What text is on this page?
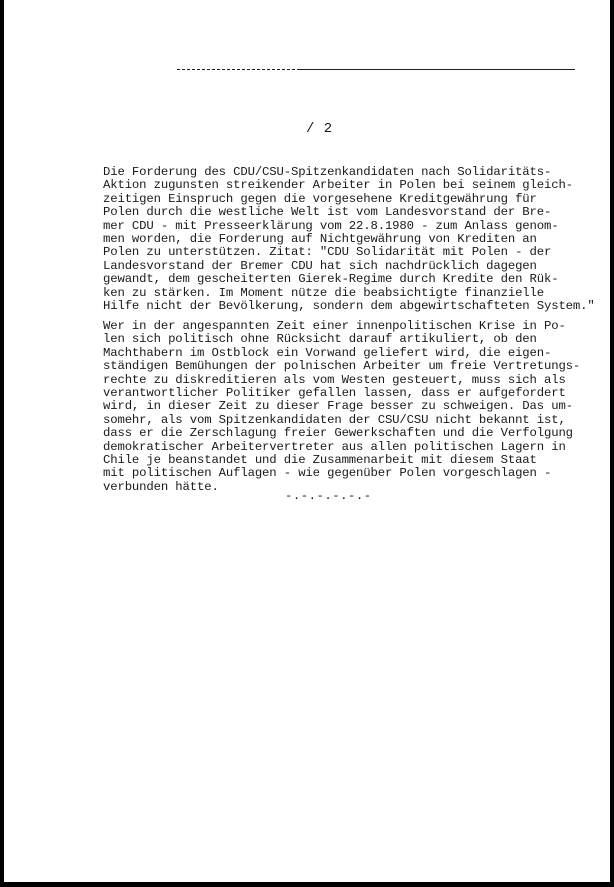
/ 2
Die Forderung des CDU/CSU-Spitzenkandidaten nach Solidaritäts-
Aktion zugunsten streikender Arbeiter in Polen bei seinem gleich-
zeitigen Einspruch gegen die vorgesehene Kreditgewährung für
Polen durch die westliche Welt ist vom Landesvorstand der Bre-
mer CDU - mit Presseerklärung vom 22.8.1980 - zum Anlass genom-
men worden, die Forderung auf Nichtgewährung von Krediten an
Polen zu unterstützen. Zitat: "CDU Solidarität mit Polen - der
Landesvorstand der Bremer CDU hat sich nachdrücklich dagegen
gewandt, dem gescheiterten Gierek-Regime durch Kredite den Rük-
ken zu stärken. Im Moment nütze die beabsichtigte finanzielle
Hilfe nicht der Bevölkerung, sondern dem abgewirtschafteten System."
Wer in der angespannten Zeit einer innenpolitischen Krise in Po-
len sich politisch ohne Rücksicht darauf artikuliert, ob den
Machthabern im Ostblock ein Vorwand geliefert wird, die eigen-
ständigen Bemühungen der polnischen Arbeiter um freie Vertretungs-
rechte zu diskreditieren als vom Westen gesteuert, muss sich als
verantwortlicher Politiker gefallen lassen, dass er aufgefordert
wird, in dieser Zeit zu dieser Frage besser zu schweigen. Das um-
somehr, als vom Spitzenkandidaten der CSU/CSU nicht bekannt ist,
dass er die Zerschlagung freier Gewerkschaften und die Verfolgung
demokratischer Arbeitervertreter aus allen politischen Lagern in
Chile je beanstandet und die Zusammenarbeit mit diesem Staat
mit politischen Auflagen - wie gegenüber Polen vorgeschlagen -
verbunden hätte.
-.-.-.-.-.-
